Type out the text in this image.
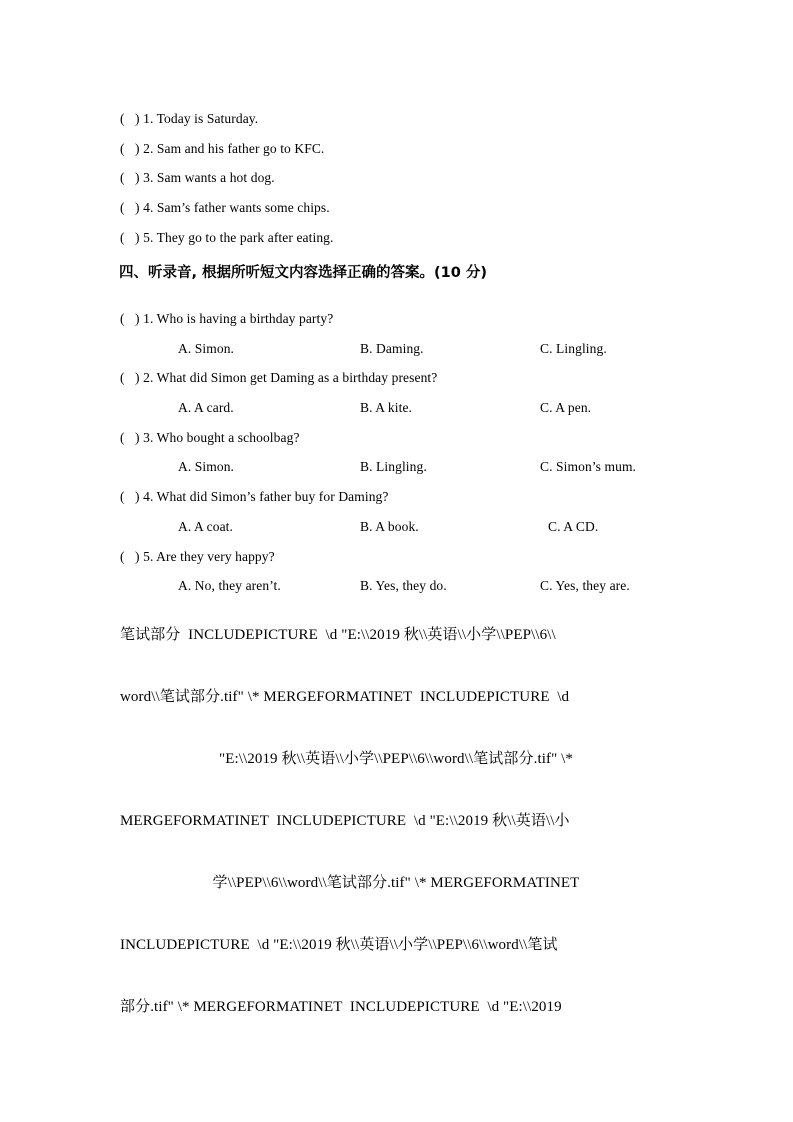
(   ) 1. Today is Saturday.
(   ) 2. Sam and his father go to KFC.
(   ) 3. Sam wants a hot dog.
(   ) 4. Sam’s father wants some chips.
(   ) 5. They go to the park after eating.
四、听录音, 根据所听短文内容选择正确的答案。(10 分)
(   ) 1. Who is having a birthday party?
A. Simon.	B. Daming.	C. Lingling.
(   ) 2. What did Simon get Daming as a birthday present?
A. A card.	B. A kite.	C. A pen.
(   ) 3. Who bought a schoolbag?
A. Simon.	B. Lingling.	C. Simon’s mum.
(   ) 4. What did Simon’s father buy for Daming?
A. A coat.	B. A book.	C. A CD.
(   ) 5. Are they very happy?
A. No, they aren’t.	B. Yes, they do.	C. Yes, they are.
笔试部分  INCLUDEPICTURE  \d "E:\\2019 秋\\英语\\小学\\PEP\\6\\
word\\笔试部分.tif" \* MERGEFORMATINET  INCLUDEPICTURE  \d
"E:\\2019 秋\\英语\\小学\\PEP\\6\\word\\笔试部分.tif" \*
MERGEFORMATINET  INCLUDEPICTURE  \d "E:\\2019 秋\\英语\\小
学\\PEP\\6\\word\\笔试部分.tif" \* MERGEFORMATINET
INCLUDEPICTURE  \d "E:\\2019 秋\\英语\\小学\\PEP\\6\\word\\笔试
部分.tif" \* MERGEFORMATINET  INCLUDEPICTURE  \d "E:\\2019
